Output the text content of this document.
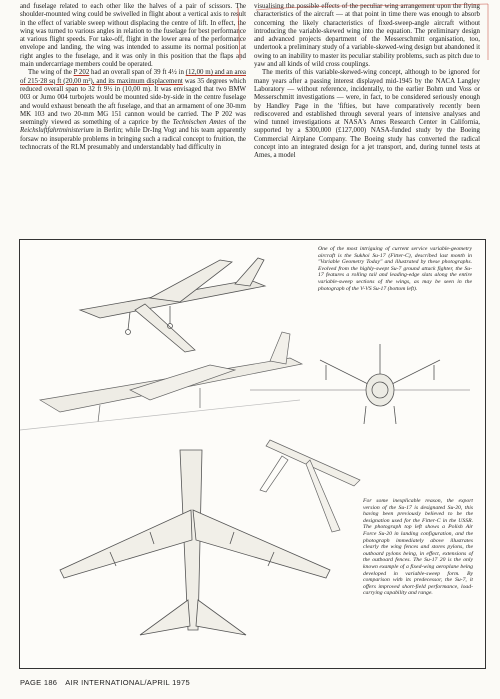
and fuselage related to each other like the halves of a pair of scissors. The shoulder-mounted wing could be swivelled in flight about a vertical axis to result in the effect of variable sweep without displacing the centre of lift. In effect, the wing was turned to various angles in relation to the fuselage for best performance at various flight speeds. For take-off, flight in the lower area of the performance envelope and landing, the wing was intended to assume its normal position at right angles to the fuselage, and it was only in this position that the flaps and main undercarriage members could be operated.

The wing of the P 202 had an overall span of 39 ft 4½ in (12,00 m) and an area of 215·28 sq ft (20,00 m²), and its maximum displacement was 35 degrees which reduced overall span to 32 ft 9½ in (10,00 m). It was envisaged that two BMW 003 or Jumo 004 turbojets would be mounted side-by-side in the centre fuselage and would exhaust beneath the aft fuselage, and that an armament of one 30-mm MK 103 and two 20-mm MG 151 cannon would be carried. The P 202 was seemingly viewed as something of a caprice by the Technischen Amtes of the Reichsluftfahrtministerium in Berlin; while Dr-Ing Vogt and his team apparently forsaw no insuperable problems in bringing such a radical concept to fruition, the technocrats of the RLM presumably and understandably had difficulty in

visualising the possible effects of the peculiar wing arrangement upon the flying characteristics of the aircraft — at that point in time there was enough to absorb concerning the likely characteristics of fixed-sweep-angle aircraft without introducing the variable-skewed wing into the equation. The preliminary design and advanced projects department of the Messerschmitt organisation, too, undertook a preliminary study of a variable-skewed-wing design but abandoned it owing to an inability to master its peculiar stability problems, such as pitch due to yaw and all kinds of wild cross couplings.

The merits of this variable-skewed-wing concept, although to be ignored for many years after a passing interest displayed mid-1945 by the NACA Langley Laboratory — without reference, incidentally, to the earlier Bohm und Voss or Messerschmitt investigations — were, in fact, to be considered seriously enough by Handley Page in the 'fifties, but have comparatively recently been rediscovered and established through several years of intensive analyses and wind tunnel investigations at NASA's Ames Research Center in California, supported by a $300,000 (£127,000) NASA-funded study by the Boeing Commercial Airplane Company. The Boeing study has converted the radical concept into an integrated design for a jet transport, and, during tunnel tests at Ames, a model

One of the most intriguing of current service variable-geometry aircraft is the Sukhoi Su-17 (Fitter-C), described last month in "Variable Geometry Today" and illustrated by these photographs. Evolved from the highly-swept Su-7 ground attack fighter, the Su-17 features a rolling tail and leading-edge slats along the entire variable-sweep sections of the wings, as may be seen in the photograph of the V-VS Su-17 (bottom left).
For some inexplicable reason, the export version of the Su-17 is designated Su-20, this having been previously believed to be the designation used for the Fitter-C in the USSR. The photograph top left shows a Polish Air Force Su-20 in landing configuration, and the photograph immediately above illustrates clearly the wing fences and stores pylons, the outboard pylons being, in effect, extensions of the outboard fences. The Su-17 20 is the only known example of a fixed-wing aeroplane being developed in variable-sweep form. By comparison with its predecessor, the Su-7, it offers improved short-field performance, load-carrying capability and range.
PAGE 186 AIR INTERNATIONAL/APRIL 1975
